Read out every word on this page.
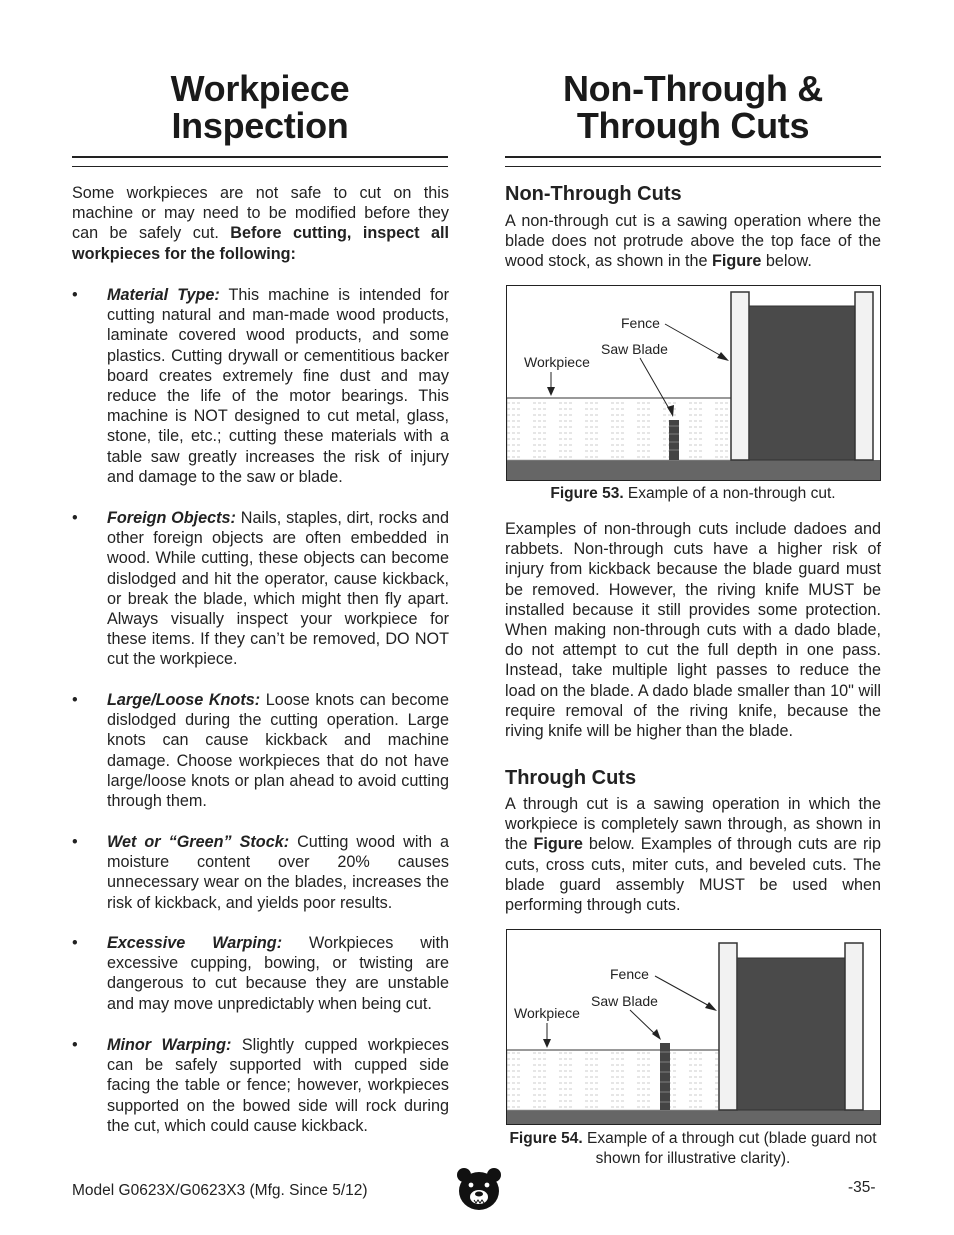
Workpiece
Inspection

Some workpieces are not safe to cut on this machine or may need to be modified before they can be safely cut. Before cutting, inspect all workpieces for the following:

• Material Type: This machine is intended for cutting natural and man-made wood products, laminate covered wood products, and some plastics. Cutting drywall or cementitious backer board creates extremely fine dust and may reduce the life of the motor bearings. This machine is NOT designed to cut metal, glass, stone, tile, etc.; cutting these materials with a table saw greatly increases the risk of injury and damage to the saw or blade.
• Foreign Objects: Nails, staples, dirt, rocks and other foreign objects are often embedded in wood. While cutting, these objects can become dislodged and hit the operator, cause kickback, or break the blade, which might then fly apart. Always visually inspect your workpiece for these items. If they can’t be removed, DO NOT cut the workpiece.
• Large/Loose Knots: Loose knots can become dislodged during the cutting operation. Large knots can cause kickback and machine damage. Choose workpieces that do not have large/loose knots or plan ahead to avoid cutting through them.
• Wet or “Green” Stock: Cutting wood with a moisture content over 20% causes unnecessary wear on the blades, increases the risk of kickback, and yields poor results.
• Excessive Warping: Workpieces with excessive cupping, bowing, or twisting are dangerous to cut because they are unstable and may move unpredictably when being cut.
• Minor Warping: Slightly cupped workpieces can be safely supported with cupped side facing the table or fence; however, workpieces supported on the bowed side will rock during the cut, which could cause kickback.
Non-Through &
Through Cuts
Non-Through Cuts

A non-through cut is a sawing operation where the blade does not protrude above the top face of the wood stock, as shown in the Figure below.

Fence
Saw Blade
Workpiece
Figure 53. Example of a non-through cut.

Examples of non-through cuts include dadoes and rabbets. Non-through cuts have a higher risk of injury from kickback because the blade guard must be removed. However, the riving knife MUST be installed because it still provides some protection. When making non-through cuts with a dado blade, do not attempt to cut the full depth in one pass. Instead, take multiple light passes to reduce the load on the blade. A dado blade smaller than 10" will require removal of the riving knife, because the riving knife will be higher than the blade.

Through Cuts

A through cut is a sawing operation in which the workpiece is completely sawn through, as shown in the Figure below. Examples of through cuts are rip cuts, cross cuts, miter cuts, and beveled cuts. The blade guard assembly MUST be used when performing through cuts.

Fence
Saw Blade
Workpiece
Figure 54. Example of a through cut (blade guard not shown for illustrative clarity).
Model G0623X/G0623X3 (Mfg. Since 5/12)	-35-
